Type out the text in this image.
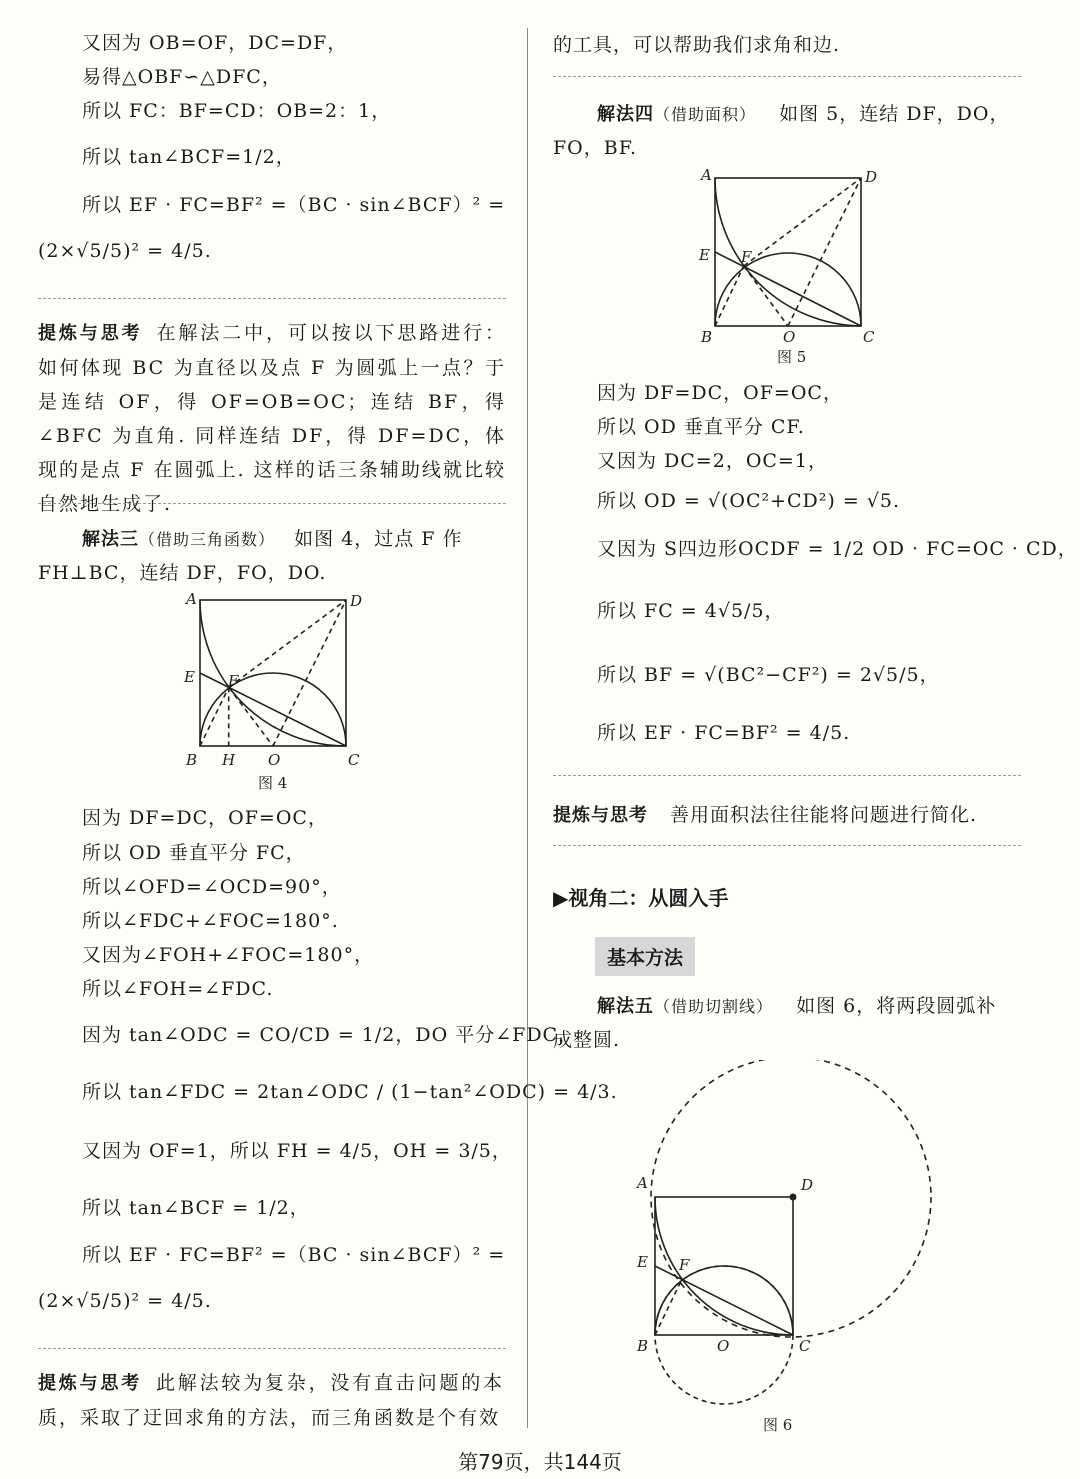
又因为 OB=OF，DC=DF，
易得△OBF∽△DFC，
所以 FC：BF=CD：OB=2：1，
所以 tan∠BCF=1/2，
所以 EF · FC=BF² =（BC · sin∠BCF）² =
(2×√5/5)² = 4/5.
提炼与思考 在解法二中，可以按以下思路进行：如何体现 BC 为直径以及点 F 为圆弧上一点？于是连结 OF，得 OF=OB=OC；连结 BF，得∠BFC 为直角. 同样连结 DF，得 DF=DC，体现的是点 F 在圆弧上. 这样的话三条辅助线就比较自然地生成了.
解法三（借助三角函数） 如图 4，过点 F 作
FH⊥BC，连结 DF，FO，DO.
A	D
E F
B H O	C
图 4
因为 DF=DC，OF=OC，
所以 OD 垂直平分 FC，
所以∠OFD=∠OCD=90°，
所以∠FDC+∠FOC=180°.
又因为∠FOH+∠FOC=180°，
所以∠FOH=∠FDC.
因为 tan∠ODC = CO/CD = 1/2，DO 平分∠FDC，
所以 tan∠FDC = 2tan∠ODC / (1−tan²∠ODC) = 4/3.
又因为 OF=1，所以 FH = 4/5，OH = 3/5，
所以 tan∠BCF = 1/2，
所以 EF · FC=BF² =（BC · sin∠BCF）² =
(2×√5/5)² = 4/5.
提炼与思考 此解法较为复杂，没有直击问题的本质，采取了迂回求角的方法，而三角函数是个有效
的工具，可以帮助我们求角和边.
解法四（借助面积） 如图 5，连结 DF，DO，
FO，BF.
A	D
E F
B	O	C
图 5
因为 DF=DC，OF=OC，
所以 OD 垂直平分 CF.
又因为 DC=2，OC=1，
所以 OD = √(OC²+CD²) = √5.
又因为 S四边形OCDF = 1/2 OD · FC=OC · CD，
所以 FC = 4√5/5，
所以 BF = √(BC²−CF²) = 2√5/5，
所以 EF · FC=BF² = 4/5.
提炼与思考 善用面积法往往能将问题进行简化.
▶视角二：从圆入手
基本方法
解法五（借助切割线） 如图 6，将两段圆弧补
成整圆.
A	D
E F
B	O	C
图 6
第79页，共144页
